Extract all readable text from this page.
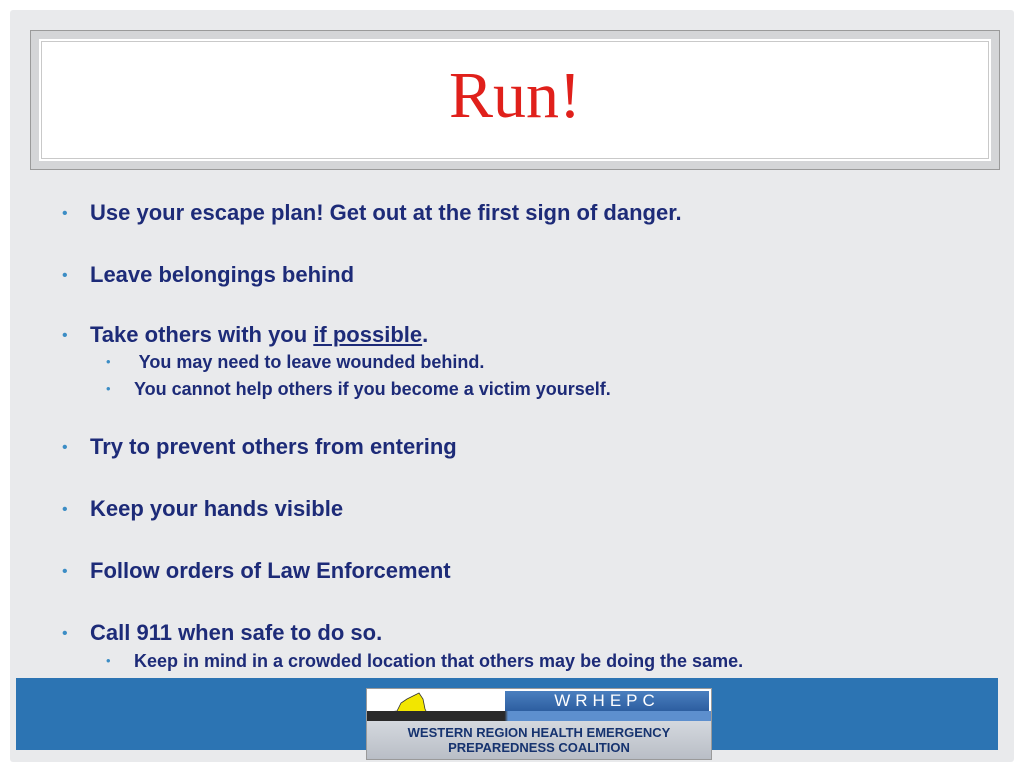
Run!
• Use your escape plan! Get out at the first sign of danger.
• Leave belongings behind
• Take others with you if possible.
• You may need to leave wounded behind.
• You cannot help others if you become a victim yourself.
• Try to prevent others from entering
• Keep your hands visible
• Follow orders of Law Enforcement
• Call 911 when safe to do so.
• Keep in mind in a crowded location that others may be doing the same.
WRHEPC
WESTERN REGION HEALTH EMERGENCY
PREPAREDNESS COALITION
